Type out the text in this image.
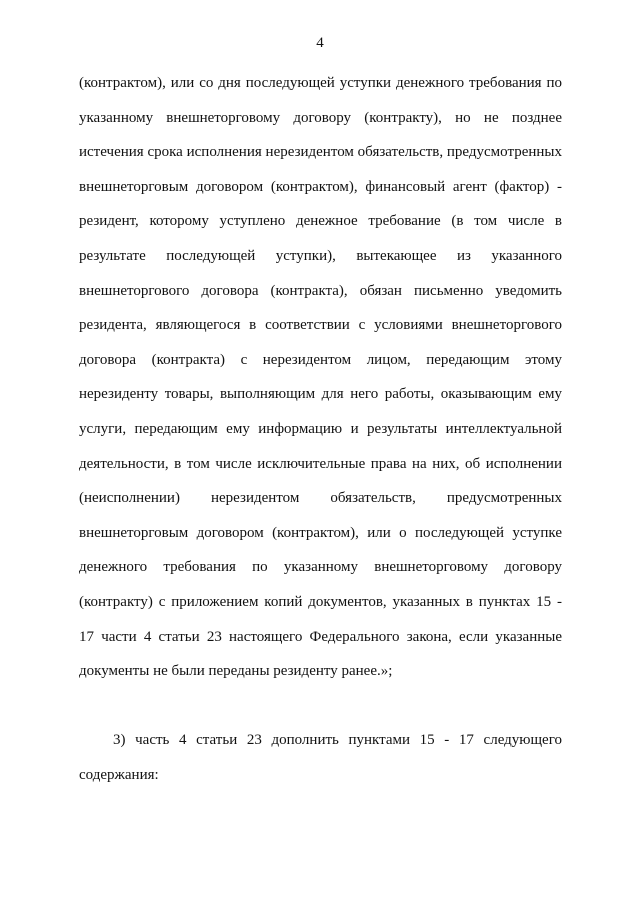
4
(контрактом), или со дня последующей уступки денежного требования по
указанному внешнеторговому договору (контракту), но не позднее
истечения срока исполнения нерезидентом обязательств, предусмотренных
внешнеторговым договором (контрактом), финансовый агент (фактор) -
резидент, которому уступлено денежное требование (в том числе в
результате последующей уступки), вытекающее из указанного
внешнеторгового договора (контракта), обязан письменно уведомить
резидента, являющегося в соответствии с условиями внешнеторгового
договора (контракта) с нерезидентом лицом, передающим этому
нерезиденту товары, выполняющим для него работы, оказывающим ему
услуги, передающим ему информацию и результаты интеллектуальной
деятельности, в том числе исключительные права на них, об исполнении
(неисполнении) нерезидентом обязательств, предусмотренных
внешнеторговым договором (контрактом), или о последующей уступке
денежного требования по указанному внешнеторговому договору
(контракту) с приложением копий документов, указанных в пунктах 15 -
17 части 4 статьи 23 настоящего Федерального закона, если указанные
документы не были переданы резиденту ранее.»;
3) часть 4 статьи 23 дополнить пунктами 15 - 17 следующего
содержания:
